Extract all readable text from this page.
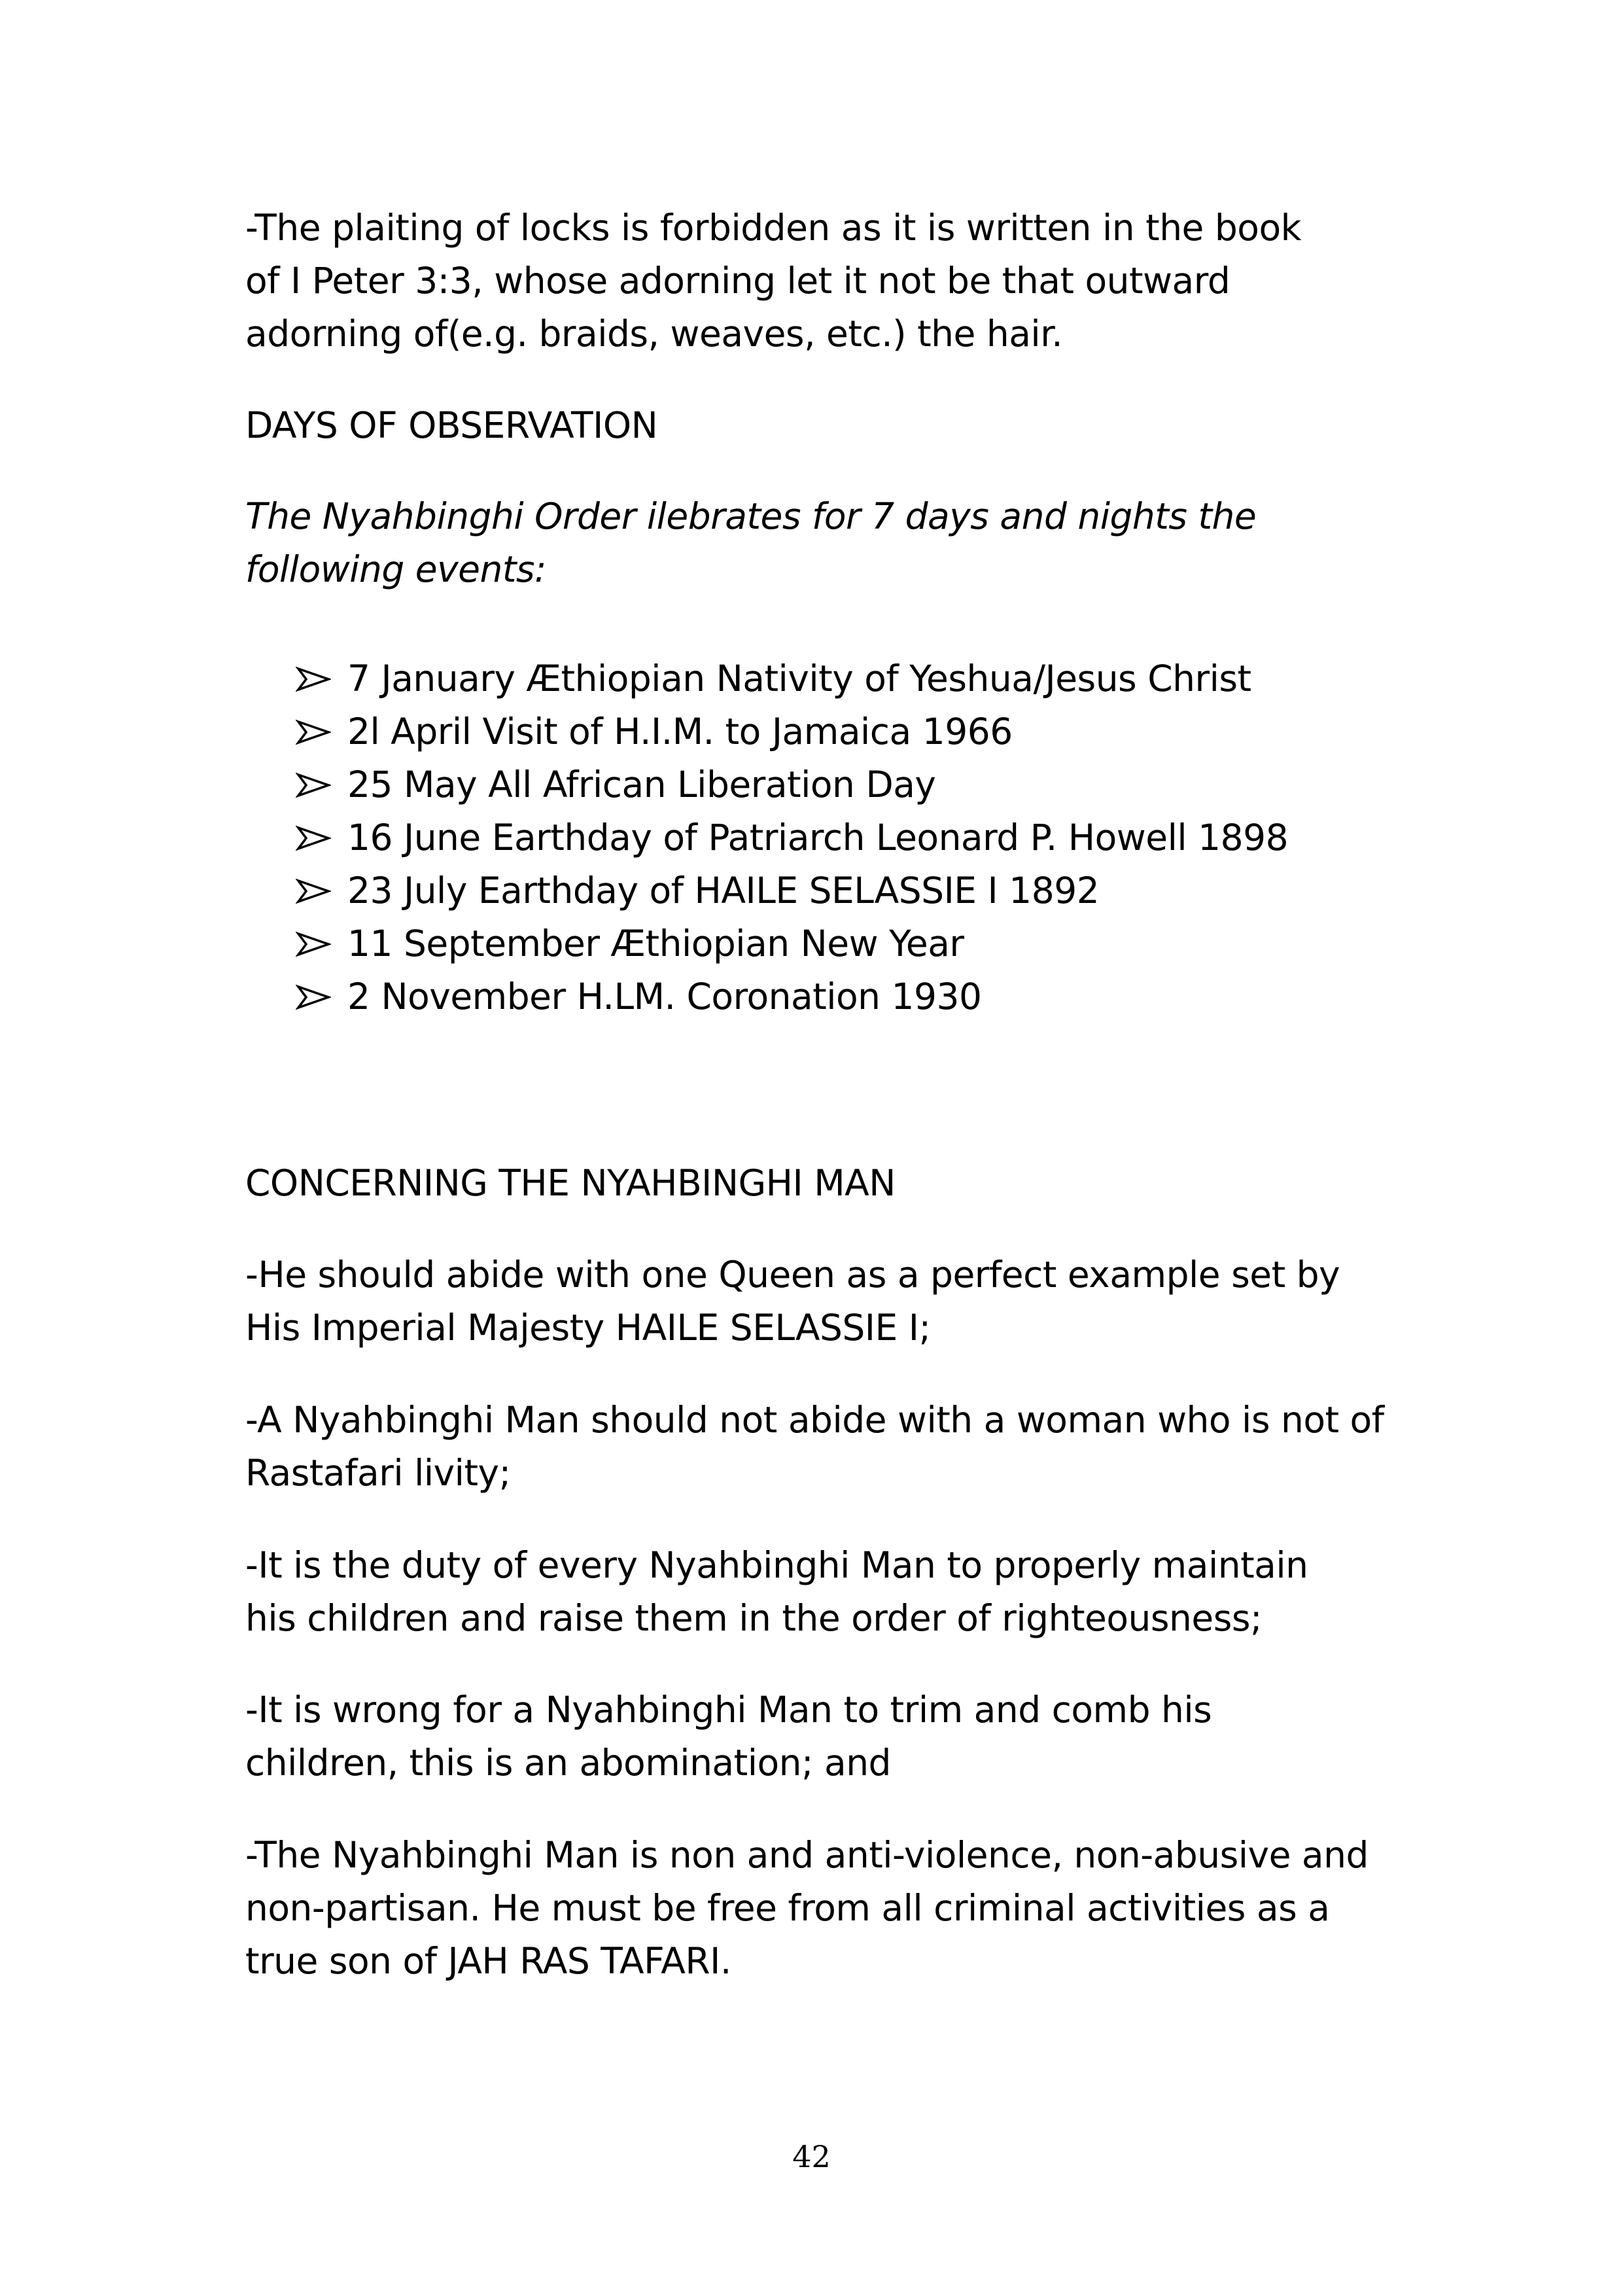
-The plaiting of locks is forbidden as it is written in the book
of I Peter 3:3, whose adorning let it not be that outward
adorning of(e.g. braids, weaves, etc.) the hair.
DAYS OF OBSERVATION
The Nyahbinghi Order ilebrates for 7 days and nights the
following events:
7 January Æthiopian Nativity of Yeshua/Jesus Christ
2l April Visit of H.I.M. to Jamaica 1966
25 May All African Liberation Day
16 June Earthday of Patriarch Leonard P. Howell 1898
23 July Earthday of HAILE SELASSIE I 1892
11 September Æthiopian New Year
2 November H.LM. Coronation 1930
CONCERNING THE NYAHBINGHI MAN
-He should abide with one Queen as a perfect example set by
His Imperial Majesty HAILE SELASSIE I;
-A Nyahbinghi Man should not abide with a woman who is not of
Rastafari livity;
-It is the duty of every Nyahbinghi Man to properly maintain
his children and raise them in the order of righteousness;
-It is wrong for a Nyahbinghi Man to trim and comb his
children, this is an abomination; and
-The Nyahbinghi Man is non and anti-violence, non-abusive and
non-partisan. He must be free from all criminal activities as a
true son of JAH RAS TAFARI.
42
